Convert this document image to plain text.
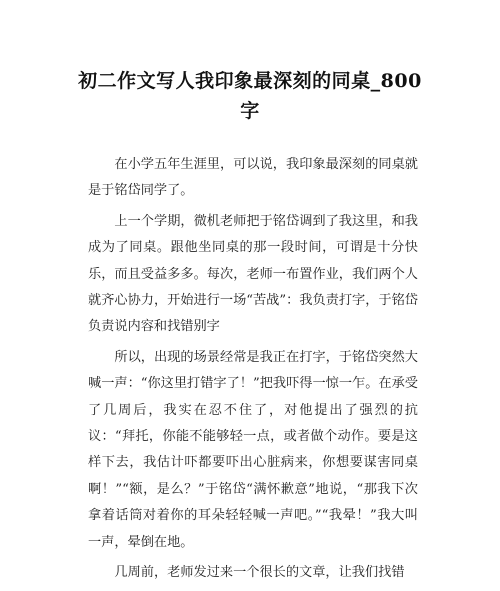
初二作文写人我印象最深刻的同桌_800
字

在小学五年生涯里，可以说，我印象最深刻的同桌就是于铭岱同学了。

上一个学期，微机老师把于铭岱调到了我这里，和我成为了同桌。跟他坐同桌的那一段时间，可谓是十分快乐，而且受益多多。每次，老师一布置作业，我们两个人就齐心协力，开始进行一场“苦战”：我负责打字，于铭岱负责说内容和找错别字

所以，出现的场景经常是我正在打字，于铭岱突然大喊一声：“你这里打错字了！”把我吓得一惊一乍。在承受了几周后，我实在忍不住了，对他提出了强烈的抗议：“拜托，你能不能够轻一点，或者做个动作。要是这样下去，我估计吓都要吓出心脏病来，你想要谋害同桌啊！”“额，是么？”于铭岱“满怀歉意”地说，“那我下次拿着话筒对着你的耳朵轻轻喊一声吧。”“我晕！”我大叫一声，晕倒在地。

几周前，老师发过来一个很长的文章，让我们找错
